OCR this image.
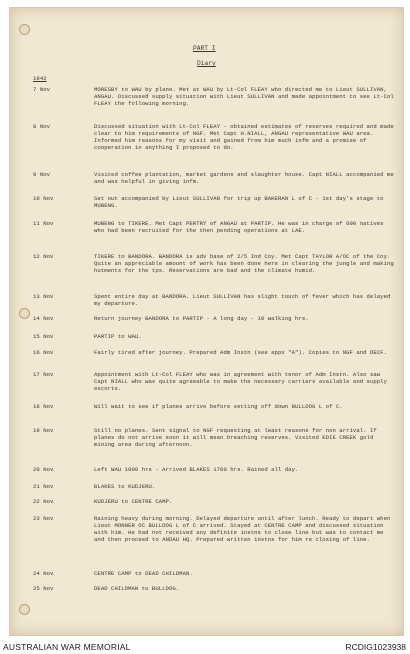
PART I
Diary
1942
7 Nov	MORESBY to WAU by plane. Met at WAU by Lt-Col FLEAY who directed me to Lieut SULLIVAN, ANGAU. Discussed supply situation with Lieut SULLIVAN and made appointment to see Lt-Col FLEAY the following morning.
8 Nov	Discussed situation with Lt-Col FLEAY - obtained estimates of reserves required and made clear to him requirements of NGF. Met Capt H.NIALL, ANGAU representative WAU area. Informed him reasons for my visit and gained from him much infm and a promise of cooperation in anything I proposed to do.
9 Nov	Visited coffee plantation, market gardens and slaughter house. Capt NIALL accompanied me and was helpful in giving infm.
10 Nov	Set out accompanied by Lieut SULLIVAN for trip up BAKERAN L of C - 1st day's stage to MUBENG.
11 Nov	MUBENG to TIKERE. Met Capt PERTRY of ANGAU at PARTIP. He was in charge of 600 natives who had been recruited for the then pending operations at LAE.
12 Nov	TIKERE to BANDORA. BANDORA is adv base of 2/5 Ind Coy. Met Capt TAYLOR A/OC of the Coy. Quite an appreciable amount of work has been done here in clearing the jungle and making hutments for the tps. Reservations are bad and the climate humid.
13 Nov	Spent entire day at BANDORA. Lieut SULLIVAN has slight touch of fever which has delayed my departure.
14 Nov	Return journey BANDORA to PARTIP - A long day - 10 walking hrs.
15 Nov	PARTIP to WAU.
16 Nov	Fairly tired after journey. Prepared Adm Instn (see appx "A"). Copies to NGF and DECF.
17 Nov	Appointment with Lt-Col FLEAY who was in agreement with tenor of Adm Instn. Also saw Capt NIALL who was quite agreeable to make the necessary carriers available and supply escorts.
18 Nov	Will wait to see if planes arrive before setting off down BULLDOG L of C.
19 Nov	Still no planes. Sent signal to NGF requesting at least reasons for non arrival. If planes do not arrive soon it will mean breaching reserves. Visited EDIE CREEK gold mining area during afternoon.
20 Nov	Left WAU 1000 hrs - Arrived BLAKES 1700 hrs. Rained all day.
21 Nov	BLAKES to KUDJERU.
22 Nov	KUDJERU to CENTRE CAMP.
23 Nov	Raining heavy during morning. Delayed departure until after lunch. Ready to depart when Lieut MONNER OC BULLDOG L of C arrived. Stayed at CENTRE CAMP and discussed situation with him. He had not received any definite instns to close line but was to contact me and then proceed to ANDAU HQ. Prepared written instns for him re closing of line.
24 Nov	CENTRE CAMP to DEAD CHILDMAN.
25 Nov	DEAD CHILDMAN to BULLDOG.
AUSTRALIAN WAR MEMORIAL	RCDIG1023938
